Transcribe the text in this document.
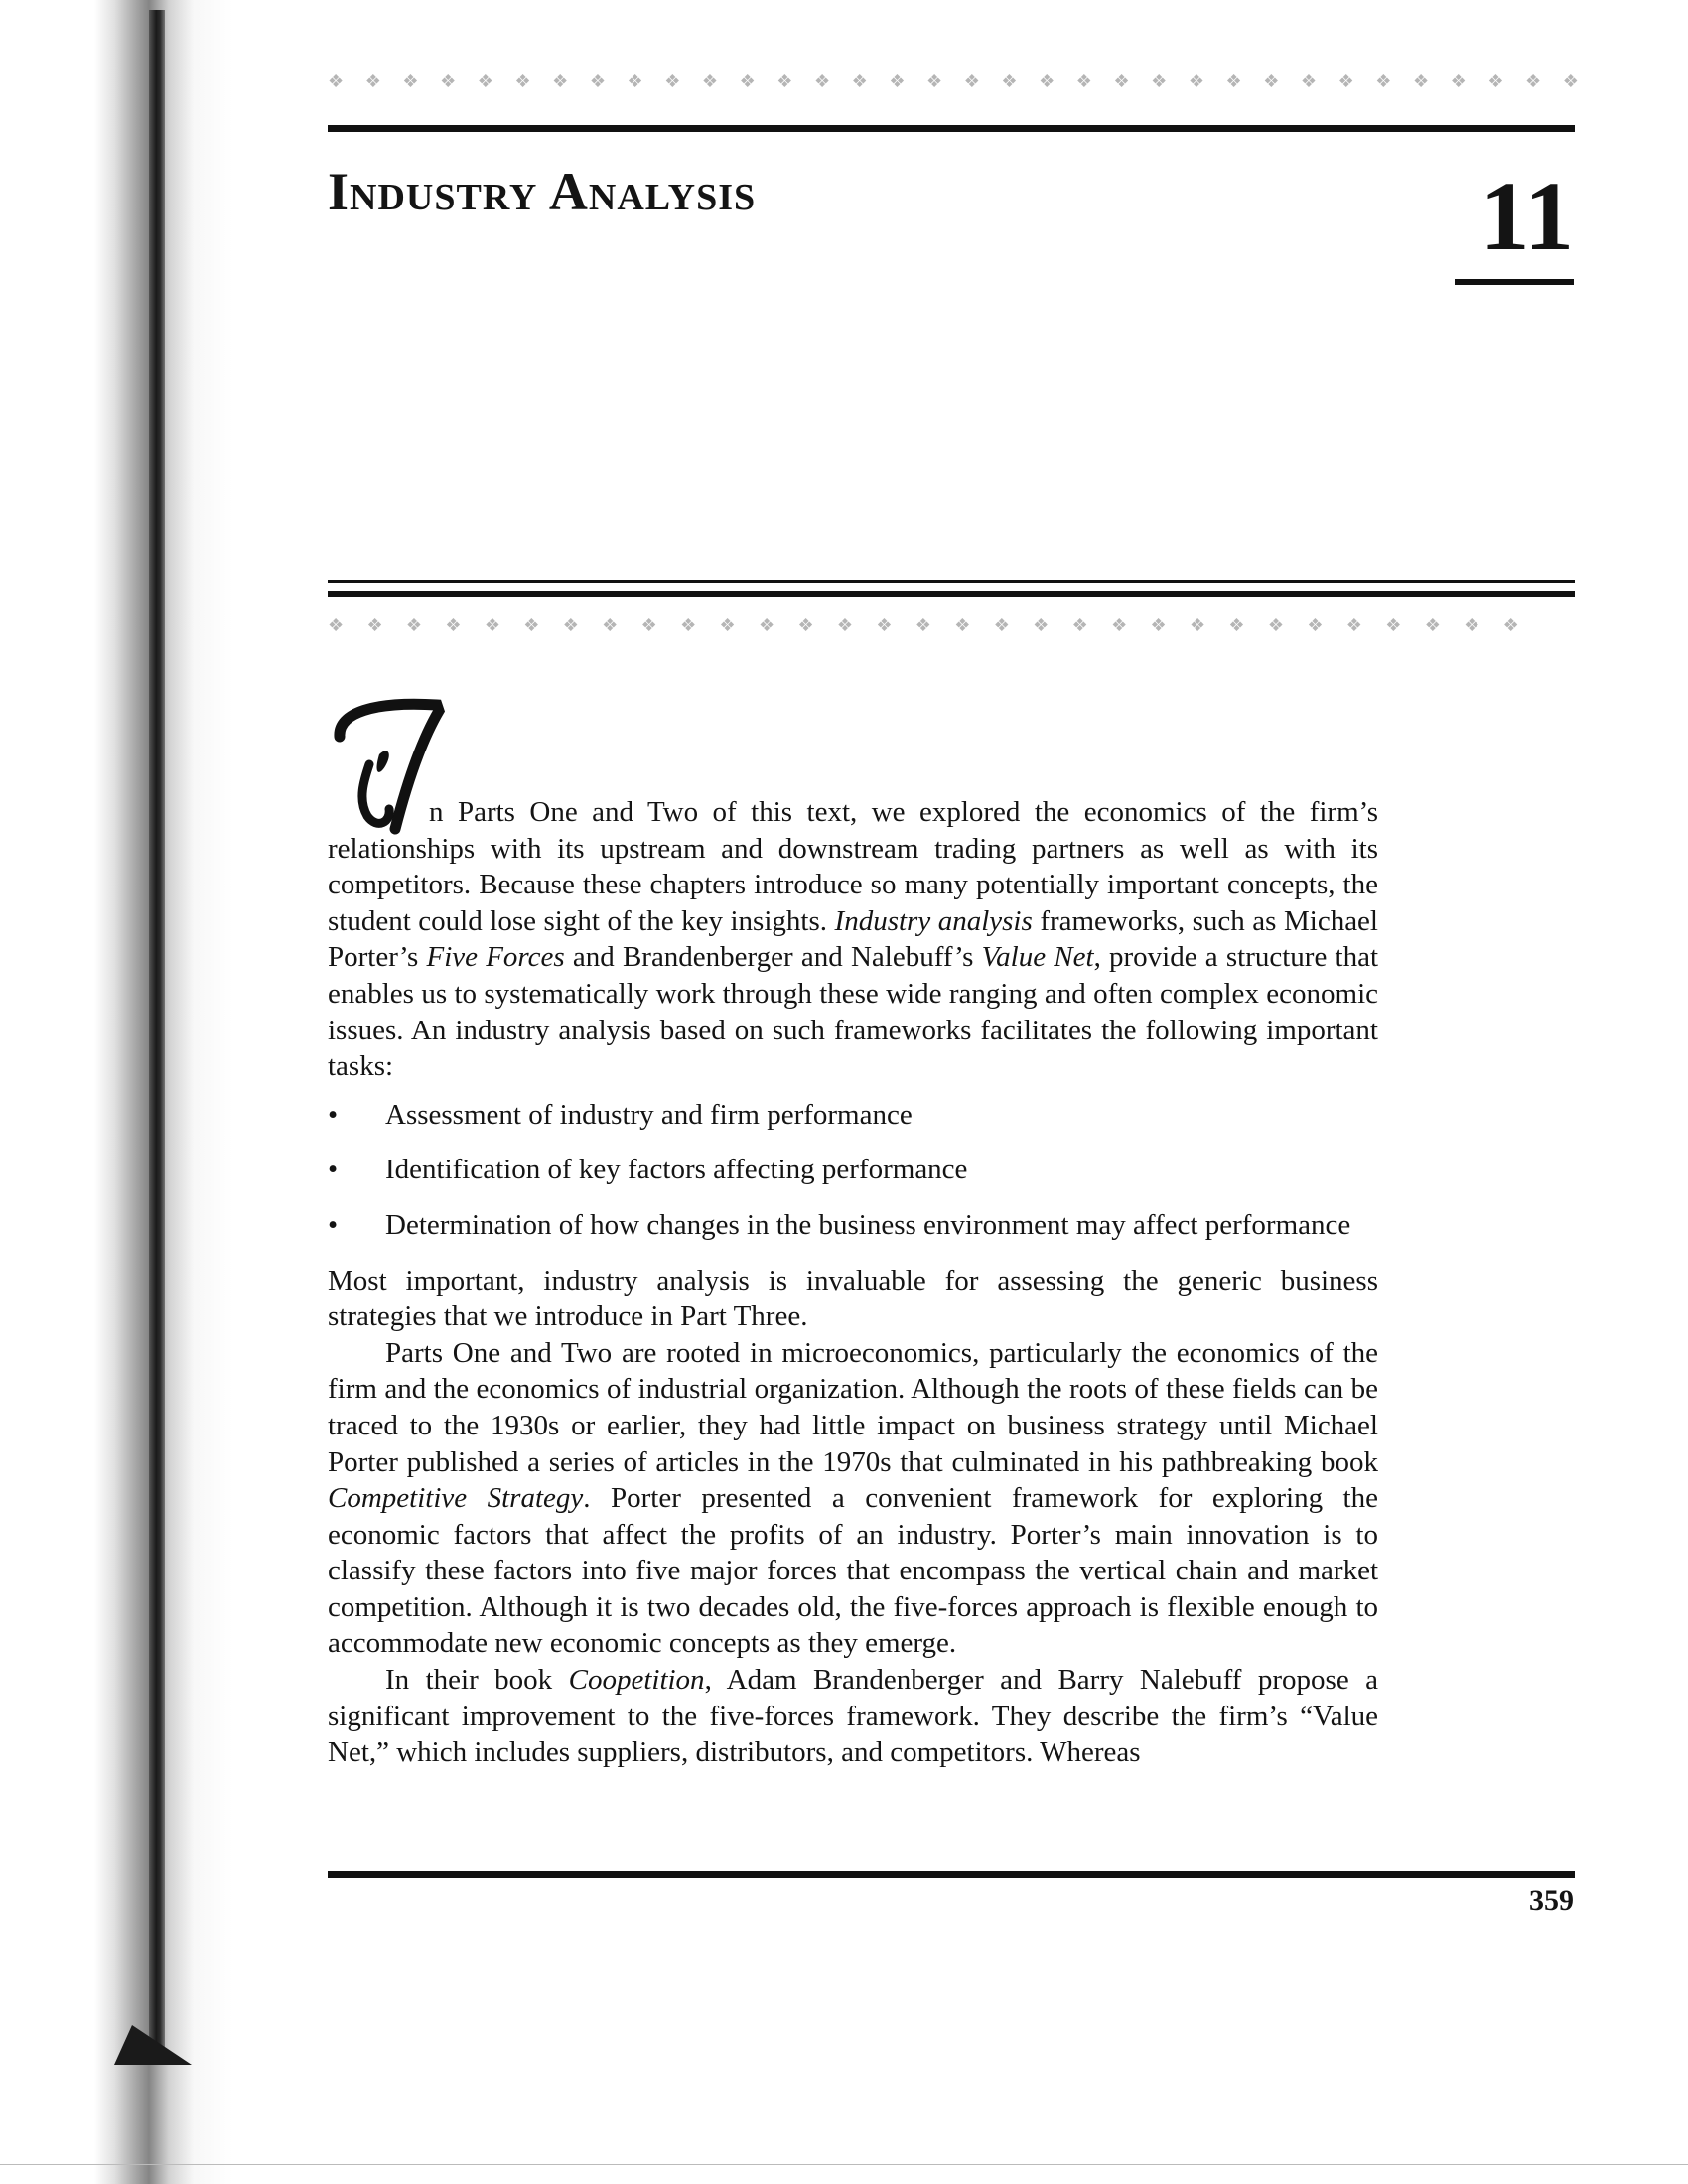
❖ ❖ ❖ ❖ ❖ ❖ ❖ ❖ ❖ ❖ ❖ ❖ ❖ ❖ ❖ ❖ ❖ ❖ ❖ ❖ ❖ ❖ ❖ ❖ ❖ ❖ ❖ ❖ ❖ ❖ ❖ ❖ ❖ ❖
Industry Analysis	11
❖ ❖ ❖ ❖ ❖ ❖ ❖ ❖ ❖ ❖ ❖ ❖ ❖ ❖ ❖ ❖ ❖ ❖ ❖ ❖ ❖ ❖ ❖ ❖ ❖ ❖ ❖ ❖ ❖ ❖ ❖

n Parts One and Two of this text, we explored the economics of the firm’s relationships with its upstream and downstream trading partners as well as with its competitors. Because these chapters introduce so many potentially important concepts, the student could lose sight of the key insights. Industry analysis frameworks, such as Michael Porter’s Five Forces and Brandenberger and Nalebuff’s Value Net, provide a structure that enables us to systematically work through these wide ranging and often complex economic issues. An industry analysis based on such frameworks facilitates the following important tasks:

• Assessment of industry and firm performance
• Identification of key factors affecting performance
• Determination of how changes in the business environment may affect performance

Most important, industry analysis is invaluable for assessing the generic business strategies that we introduce in Part Three.

Parts One and Two are rooted in microeconomics, particularly the economics of the firm and the economics of industrial organization. Although the roots of these fields can be traced to the 1930s or earlier, they had little impact on business strategy until Michael Porter published a series of articles in the 1970s that culminated in his pathbreaking book Competitive Strategy. Porter presented a convenient framework for exploring the economic factors that affect the profits of an industry. Porter’s main innovation is to classify these factors into five major forces that encompass the vertical chain and market competition. Although it is two decades old, the five-forces approach is flexible enough to accommodate new economic concepts as they emerge.

In their book Coopetition, Adam Brandenberger and Barry Nalebuff propose a significant improvement to the five-forces framework. They describe the firm’s “Value Net,” which includes suppliers, distributors, and competitors. Whereas

359
